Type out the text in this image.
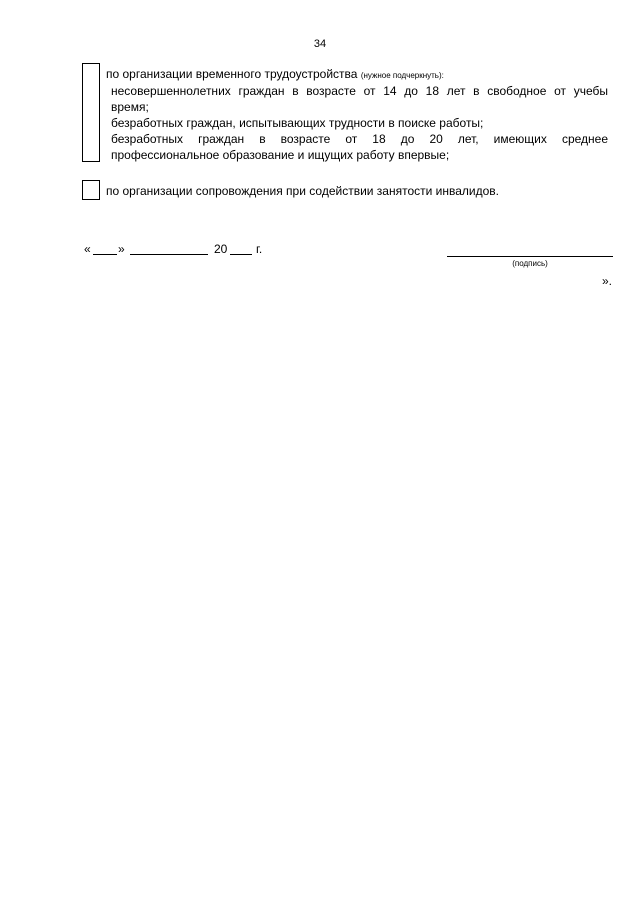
34
по организации временного трудоустройства (нужное подчеркнуть):
несовершеннолетних граждан в возрасте от 14 до 18 лет в свободное от учебы
время;
безработных граждан, испытывающих трудности в поиске работы;
безработных граждан в возрасте от 18 до 20 лет, имеющих среднее
профессиональное образование и ищущих работу впервые;
по организации сопровождения при содействии занятости инвалидов.
« »	20 г.
(подпись)
».
